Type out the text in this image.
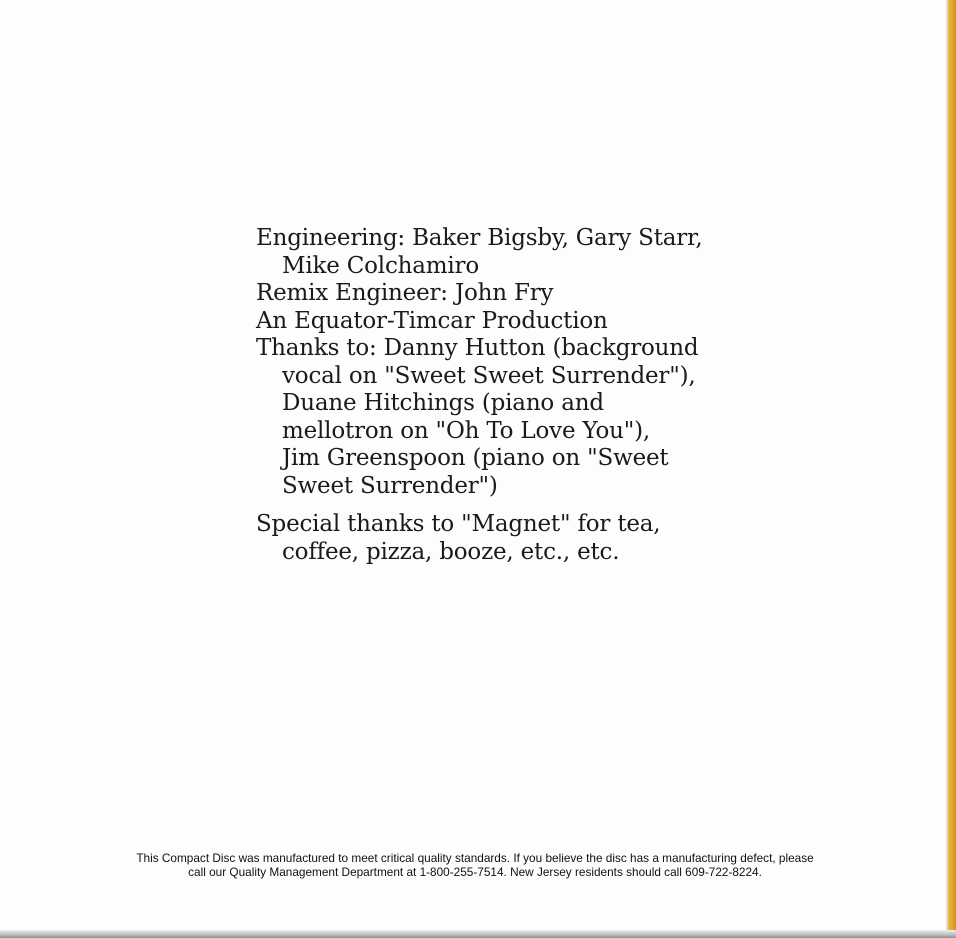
Engineering: Baker Bigsby, Gary Starr,
Mike Colchamiro
Remix Engineer: John Fry
An Equator-Timcar Production
Thanks to: Danny Hutton (background
vocal on "Sweet Sweet Surrender"),
Duane Hitchings (piano and
mellotron on "Oh To Love You"),
Jim Greenspoon (piano on "Sweet
Sweet Surrender")
Special thanks to "Magnet" for tea,
coffee, pizza, booze, etc., etc.
This Compact Disc was manufactured to meet critical quality standards. If you believe the disc has a manufacturing defect, please
call our Quality Management Department at 1-800-255-7514. New Jersey residents should call 609-722-8224.
